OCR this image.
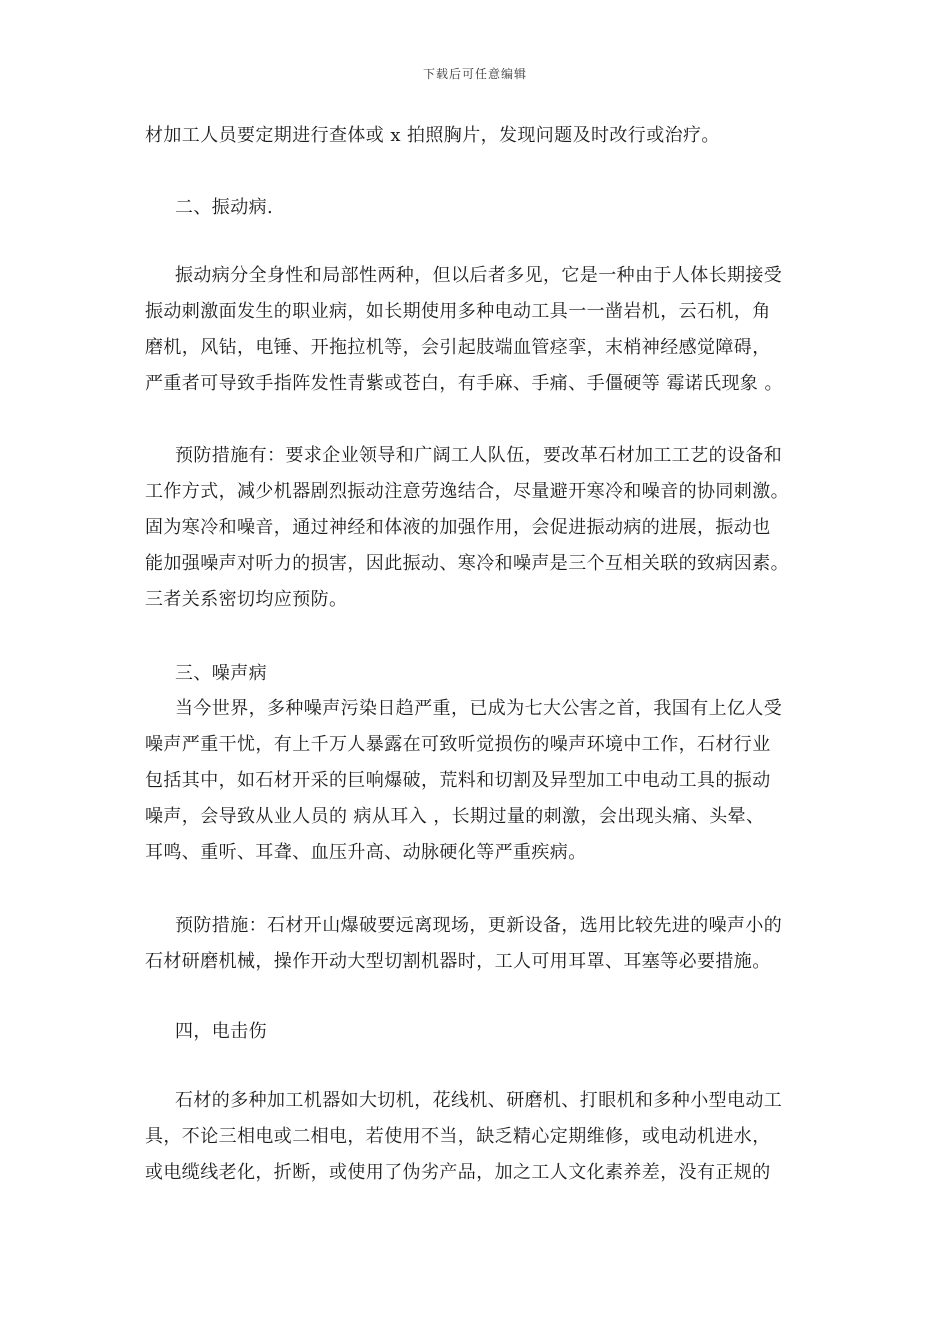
下载后可任意编辑
材加工人员要定期进行查体或 x 拍照胸片，发现问题及时改行或治疗。
二、振动病.
振动病分全身性和局部性两种，但以后者多见，它是一种由于人体长期接受
振动刺激面发生的职业病，如长期使用多种电动工具一一凿岩机，云石机，角
磨机，风钻，电锤、开拖拉机等，会引起肢端血管痉挛，末梢神经感觉障碍，
严重者可导致手指阵发性青紫或苍白，有手麻、手痛、手僵硬等 霉诺氏现象 。
预防措施有：要求企业领导和广阔工人队伍，要改革石材加工工艺的设备和
工作方式，减少机器剧烈振动注意劳逸结合，尽量避开寒冷和噪音的协同刺激。
固为寒冷和噪音，通过神经和体液的加强作用，会促进振动病的进展，振动也
能加强噪声对听力的损害，因此振动、寒冷和噪声是三个互相关联的致病因素。
三者关系密切均应预防。
三、噪声病
当今世界，多种噪声污染日趋严重，已成为七大公害之首，我国有上亿人受
噪声严重干忧，有上千万人暴露在可致听觉损伤的噪声环境中工作，石材行业
包括其中，如石材开采的巨响爆破，荒料和切割及异型加工中电动工具的振动
噪声，会导致从业人员的 病从耳入 ，长期过量的刺激，会出现头痛、头晕、
耳鸣、重听、耳聋、血压升高、动脉硬化等严重疾病。
预防措施：石材开山爆破要远离现场，更新设备，选用比较先进的噪声小的
石材研磨机械，操作开动大型切割机器时，工人可用耳罩、耳塞等必要措施。
四，电击伤
石材的多种加工机器如大切机，花线机、研磨机、打眼机和多种小型电动工
具，不论三相电或二相电，若使用不当，缺乏精心定期维修，或电动机进水，
或电缆线老化，折断，或使用了伪劣产品，加之工人文化素养差，没有正规的
